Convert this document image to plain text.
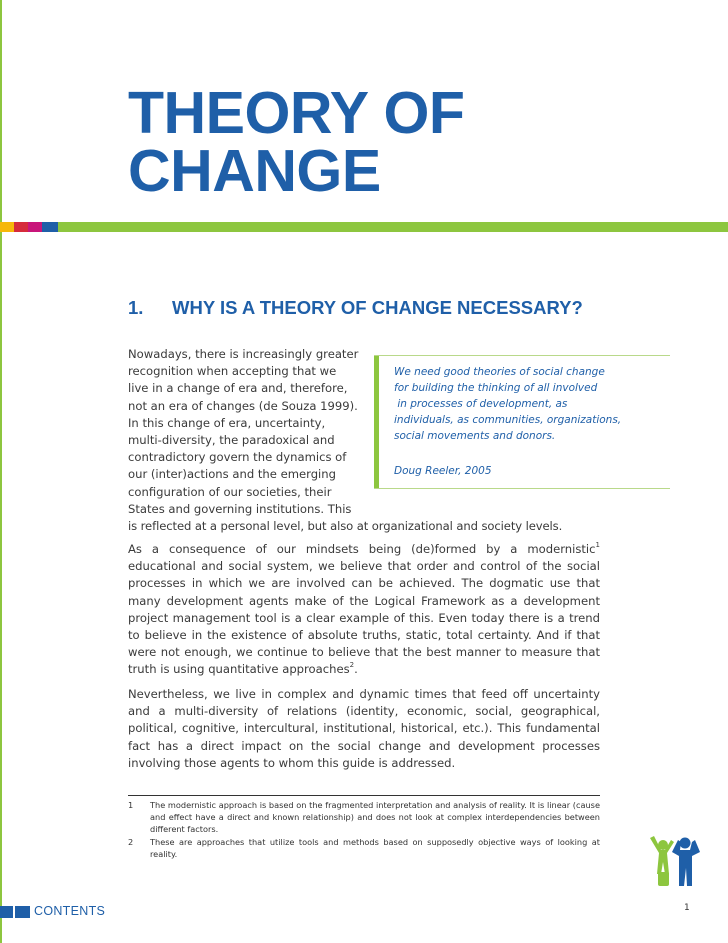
THEORY OF
CHANGE
1. WHY IS A THEORY OF CHANGE NECESSARY?
We need good theories of social change
for building the thinking of all involved
in processes of development, as
individuals, as communities, organizations,
social movements and donors.
Doug Reeler, 2005
Nowadays, there is increasingly greater
recognition when accepting that we
live in a change of era and, therefore,
not an era of changes (de Souza 1999).
In this change of era, uncertainty,
multi-diversity, the paradoxical and
contradictory govern the dynamics of
our (inter)actions and the emerging
configuration of our societies, their
States and governing institutions. This
is reflected at a personal level, but also at organizational and society levels.

As a consequence of our mindsets being (de)formed by a modernistic$^1$ educational and social system, we believe that order and control of the social processes in which we are involved can be achieved. The dogmatic use that many development agents make of the Logical Framework as a development project management tool is a clear example of this. Even today there is a trend to believe in the existence of absolute truths, static, total certainty. And if that were not enough, we continue to believe that the best manner to measure that truth is using quantitative approaches$^2$.

Nevertheless, we live in complex and dynamic times that feed off uncertainty and a multi-diversity of relations (identity, economic, social, geographical, political, cognitive, intercultural, institutional, historical, etc.). This fundamental fact has a direct impact on the social change and development processes involving those agents to whom this guide is addressed.

1	The modernistic approach is based on the fragmented interpretation and analysis of reality. It is linear (cause and effect have a direct and known relationship) and does not look at complex interdependencies between different factors.
2	These are approaches that utilize tools and methods based on supposedly objective ways of looking at reality.
CONTENTS	1
